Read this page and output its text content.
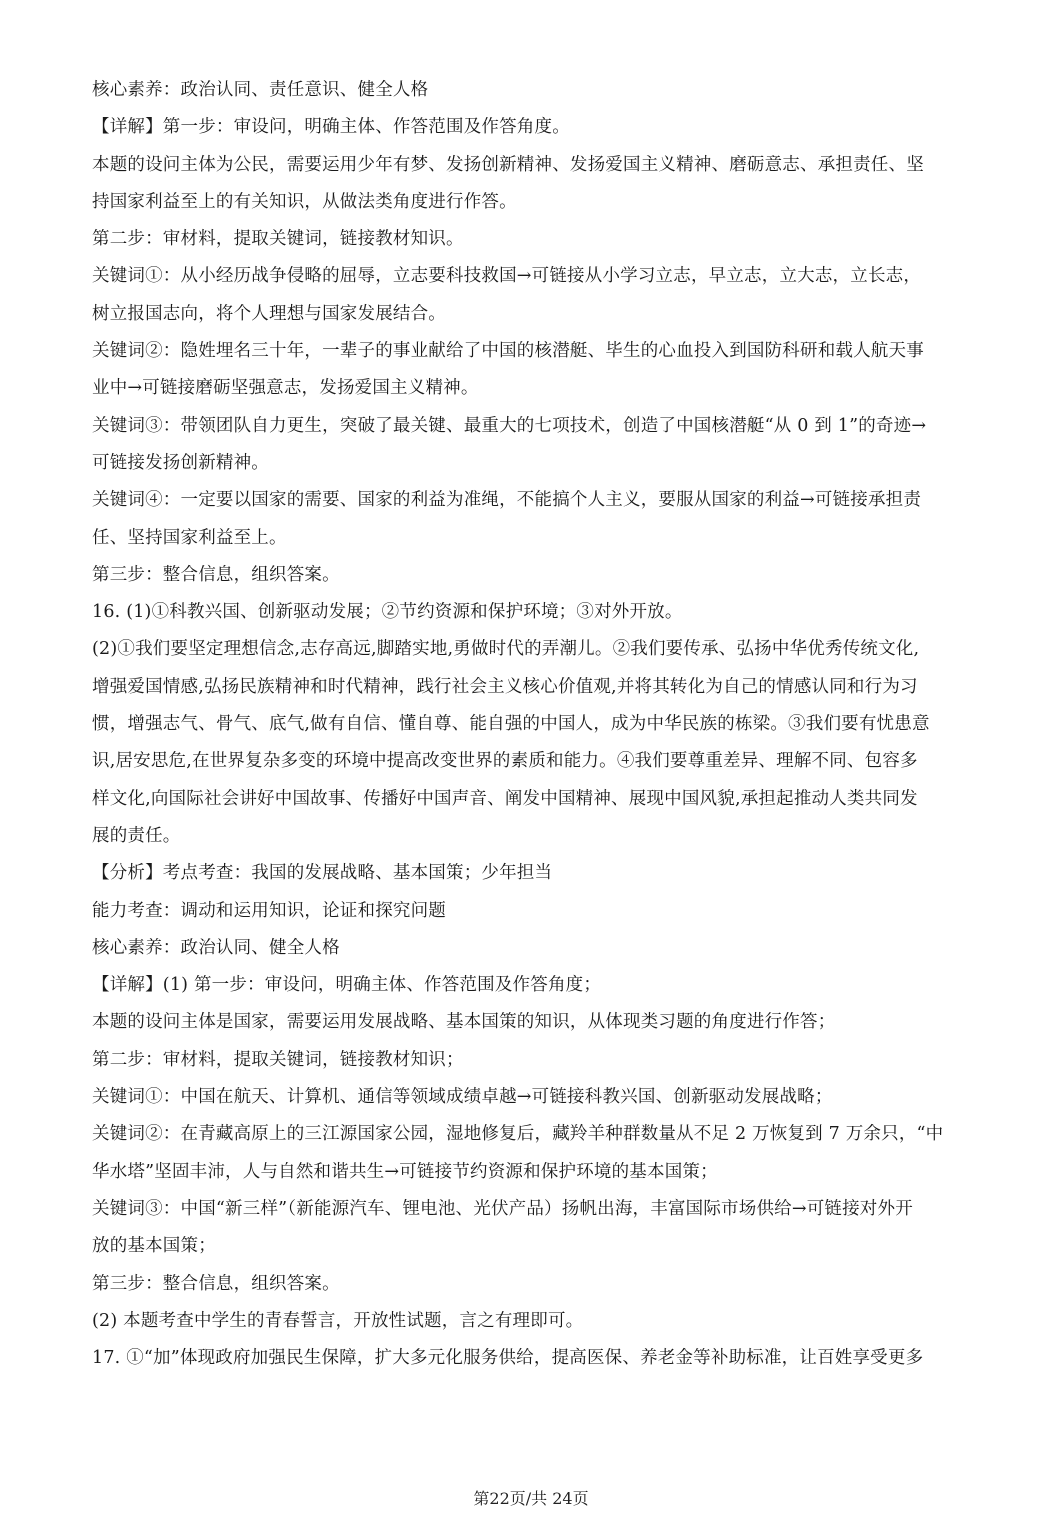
核心素养：政治认同、责任意识、健全人格
【详解】第一步：审设问，明确主体、作答范围及作答角度。
本题的设问主体为公民，需要运用少年有梦、发扬创新精神、发扬爱国主义精神、磨砺意志、承担责任、坚
持国家利益至上的有关知识，从做法类角度进行作答。
第二步：审材料，提取关键词，链接教材知识。
关键词①：从小经历战争侵略的屈辱，立志要科技救国→可链接从小学习立志，早立志，立大志，立长志，
树立报国志向，将个人理想与国家发展结合。
关键词②：隐姓埋名三十年，一辈子的事业献给了中国的核潜艇、毕生的心血投入到国防科研和载人航天事
业中→可链接磨砺坚强意志，发扬爱国主义精神。
关键词③：带领团队自力更生，突破了最关键、最重大的七项技术，创造了中国核潜艇“从 0 到 1”的奇迹→
可链接发扬创新精神。
关键词④：一定要以国家的需要、国家的利益为准绳，不能搞个人主义，要服从国家的利益→可链接承担责
任、坚持国家利益至上。
第三步：整合信息，组织答案。
16. (1)①科教兴国、创新驱动发展；②节约资源和保护环境；③对外开放。
(2)①我们要坚定理想信念,志存高远,脚踏实地,勇做时代的弄潮儿。②我们要传承、弘扬中华优秀传统文化,
增强爱国情感,弘扬民族精神和时代精神，践行社会主义核心价值观,并将其转化为自己的情感认同和行为习
惯，增强志气、骨气、底气,做有自信、懂自尊、能自强的中国人，成为中华民族的栋梁。③我们要有忧患意
识,居安思危,在世界复杂多变的环境中提高改变世界的素质和能力。④我们要尊重差异、理解不同、包容多
样文化,向国际社会讲好中国故事、传播好中国声音、阐发中国精神、展现中国风貌,承担起推动人类共同发
展的责任。
【分析】考点考查：我国的发展战略、基本国策；少年担当
能力考查：调动和运用知识，论证和探究问题
核心素养：政治认同、健全人格
【详解】(1) 第一步：审设问，明确主体、作答范围及作答角度；
本题的设问主体是国家，需要运用发展战略、基本国策的知识，从体现类习题的角度进行作答；
第二步：审材料，提取关键词，链接教材知识；
关键词①：中国在航天、计算机、通信等领域成绩卓越→可链接科教兴国、创新驱动发展战略；
关键词②：在青藏高原上的三江源国家公园，湿地修复后，藏羚羊种群数量从不足 2 万恢复到 7 万余只，“中
华水塔”坚固丰沛，人与自然和谐共生→可链接节约资源和保护环境的基本国策；
关键词③：中国“新三样”（新能源汽车、锂电池、光伏产品）扬帆出海，丰富国际市场供给→可链接对外开
放的基本国策；
第三步：整合信息，组织答案。
(2) 本题考查中学生的青春誓言，开放性试题，言之有理即可。
17. ①“加”体现政府加强民生保障，扩大多元化服务供给，提高医保、养老金等补助标准，让百姓享受更多
第22页/共 24页
